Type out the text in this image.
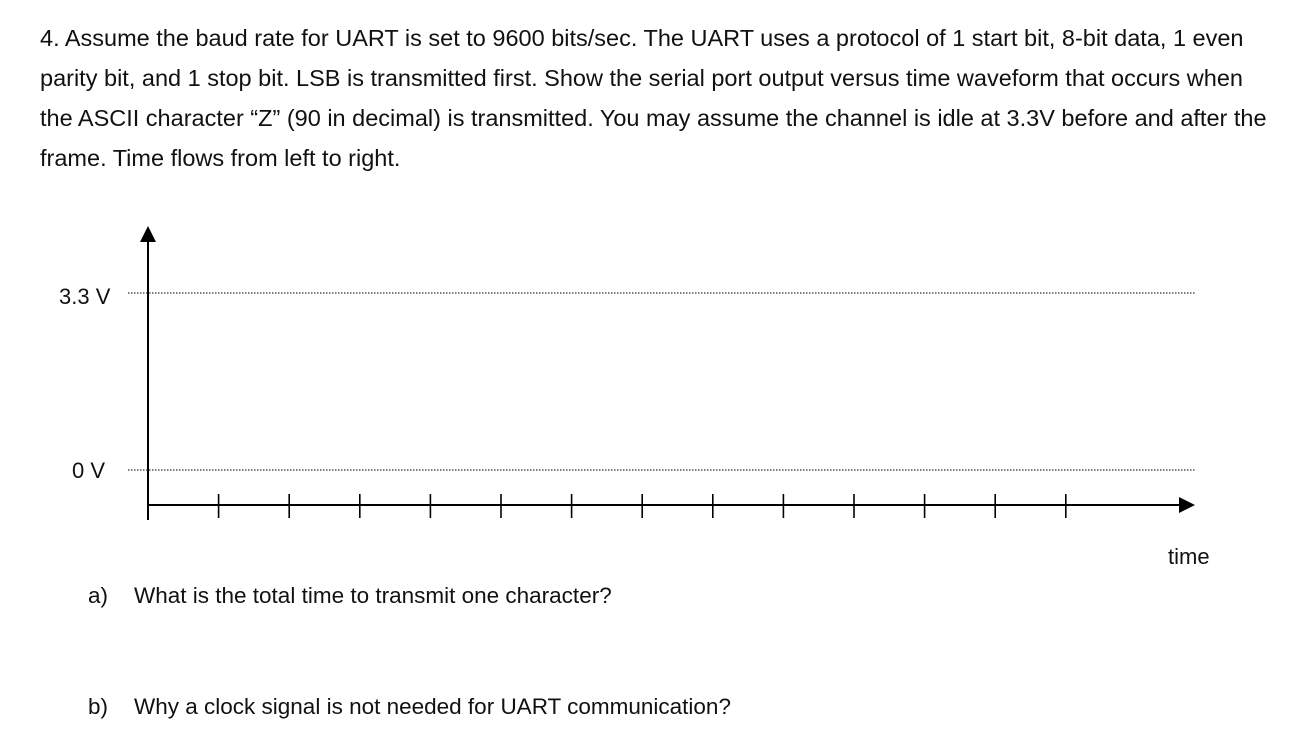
4. Assume the baud rate for UART is set to 9600 bits/sec. The UART uses a protocol of 1 start bit, 8-bit data, 1 even parity bit, and 1 stop bit. LSB is transmitted first. Show the serial port output versus time waveform that occurs when the ASCII character “Z” (90 in decimal) is transmitted. You may assume the channel is idle at 3.3V before and after the frame. Time flows from left to right.

3.3 V
0 V
time
a)	What is the total time to transmit one character?
b)	Why a clock signal is not needed for UART communication?
